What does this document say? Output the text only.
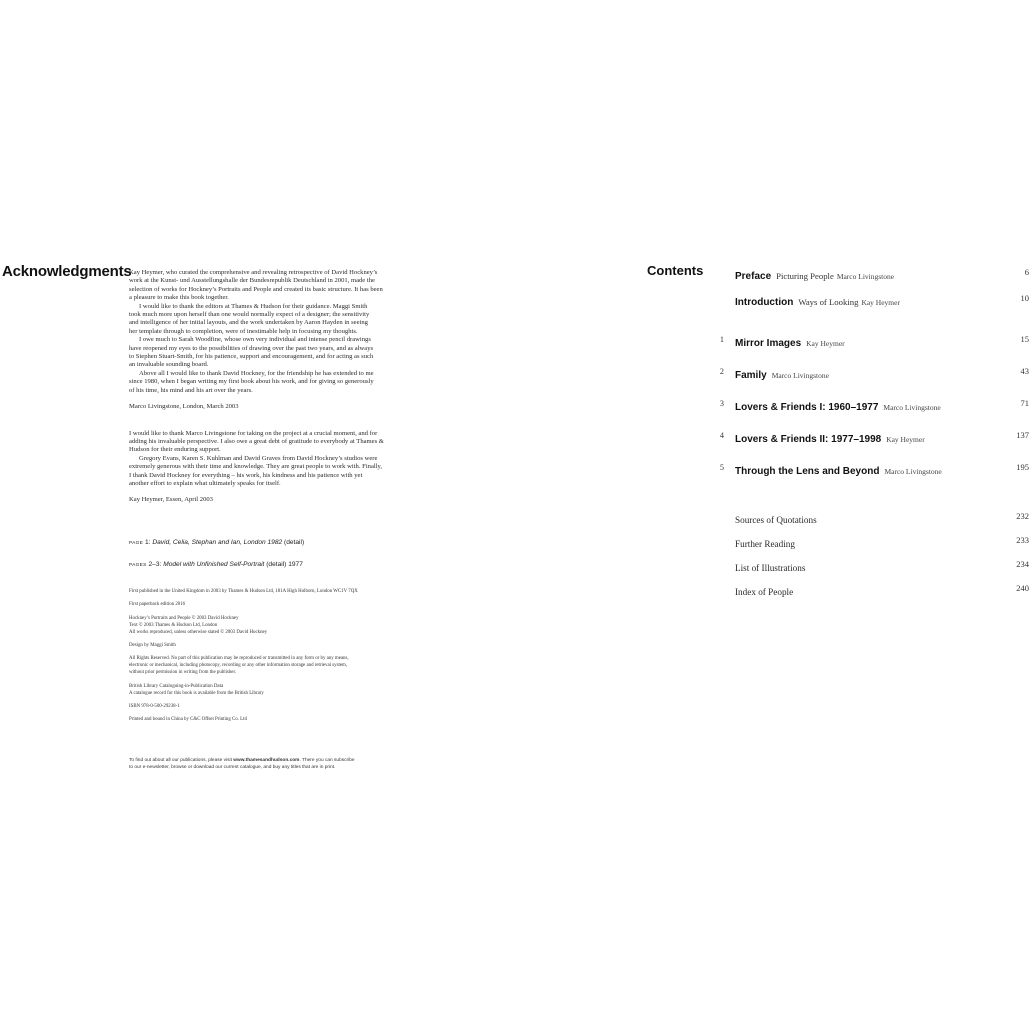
Acknowledgments

Kay Heymer, who curated the comprehensive and revealing retrospective of David Hockney’s
work at the Kunst- und Ausstellungshalle der Bundesrepublik Deutschland in 2001, made the
selection of works for Hockney’s Portraits and People and created its basic structure. It has been
a pleasure to make this book together.

I would like to thank the editors at Thames & Hudson for their guidance. Maggi Smith
took much more upon herself than one would normally expect of a designer; the sensitivity
and intelligence of her initial layouts, and the work undertaken by Aaron Hayden in seeing
her template through to completion, were of inestimable help in focusing my thoughts.

I owe much to Sarah Woodfine, whose own very individual and intense pencil drawings
have reopened my eyes to the possibilities of drawing over the past two years, and as always
to Stephen Stuart-Smith, for his patience, support and encouragement, and for acting as such
an invaluable sounding board.

Above all I would like to thank David Hockney, for the friendship he has extended to me
since 1980, when I began writing my first book about his work, and for giving so generously
of his time, his mind and his art over the years.

Marco Livingstone, London, March 2003

I would like to thank Marco Livingstone for taking on the project at a crucial moment, and for
adding his invaluable perspective. I also owe a great debt of gratitude to everybody at Thames &
Hudson for their enduring support.

Gregory Evans, Karen S. Kuhlman and David Graves from David Hockney’s studios were
extremely generous with their time and knowledge. They are great people to work with. Finally,
I thank David Hockney for everything – his work, his kindness and his patience with yet
another effort to explain what ultimately speaks for itself.

Kay Heymer, Essen, April 2003

PAGE 1: David, Celia, Stephan and Ian, London 1982 (detail)
PAGES 2–3: Model with Unfinished Self-Portrait (detail) 1977

First published in the United Kingdom in 2003 by Thames & Hudson Ltd, 181A High Holborn, London WC1V 7QX

First paperback edition 2016

Hockney’s Portraits and People © 2003 David Hockney
Text © 2003 Thames & Hudson Ltd, London
All works reproduced, unless otherwise stated © 2003 David Hockney

Design by Maggi Smith

All Rights Reserved. No part of this publication may be reproduced or transmitted in any form or by any means,
electronic or mechanical, including photocopy, recording or any other information storage and retrieval system,
without prior permission in writing from the publisher.

British Library Cataloguing-in-Publication Data
A catalogue record for this book is available from the British Library

ISBN 978-0-500-29238-1

Printed and bound in China by C&C Offset Printing Co. Ltd

To find out about all our publications, please visit www.thamesandhudson.com. There you can subscribe
to our e-newsletter, browse or download our current catalogue, and buy any titles that are in print.
Contents	Preface Picturing People Marco Livingstone	6
Introduction Ways of Looking Kay Heymer	10
1 Mirror Images Kay Heymer	15
2 Family Marco Livingstone	43
3 Lovers & Friends I: 1960–1977 Marco Livingstone	71
4 Lovers & Friends II: 1977–1998 Kay Heymer	137
5 Through the Lens and Beyond Marco Livingstone	195
Sources of Quotations	232
Further Reading	233
List of Illustrations	234
Index of People	240
